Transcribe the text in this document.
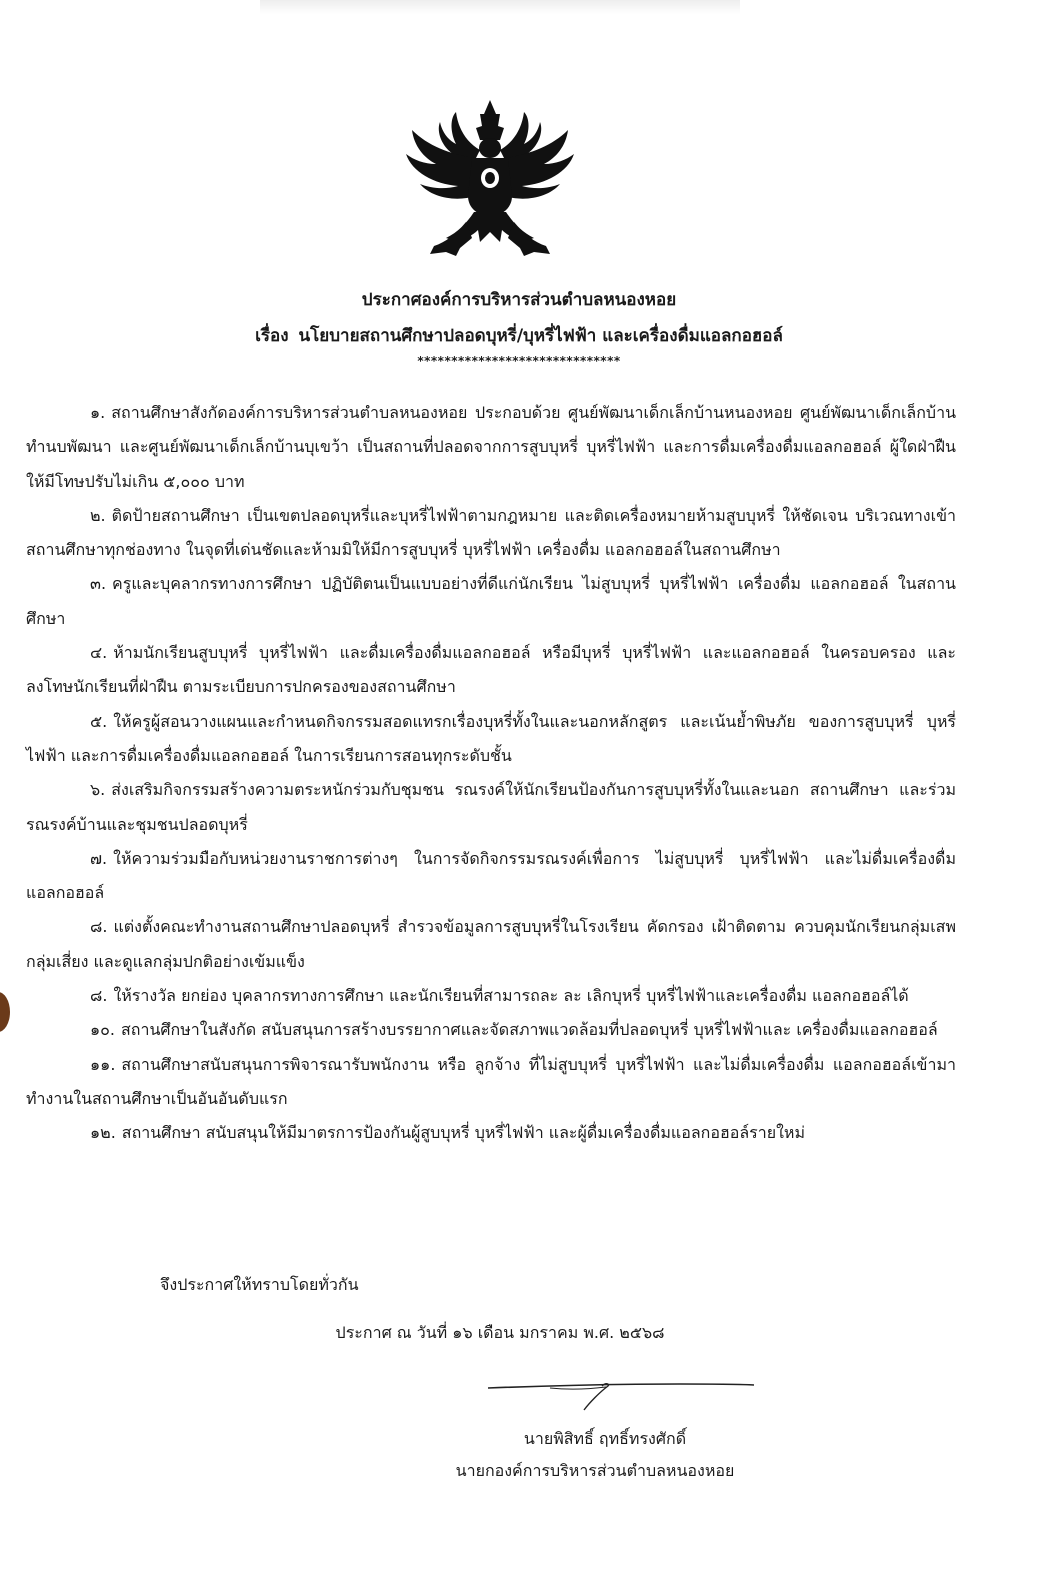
ประกาศองค์การบริหารส่วนตำบลหนองหอย
เรื่อง นโยบายสถานศึกษาปลอดบุหรี่/บุหรี่ไฟฟ้า และเครื่องดื่มแอลกอฮอล์
******************************

๑. สถานศึกษาสังกัดองค์การบริหารส่วนตำบลหนองหอย ประกอบด้วย ศูนย์พัฒนาเด็กเล็กบ้านหนองหอย ศูนย์พัฒนาเด็กเล็กบ้านทำนบพัฒนา และศูนย์พัฒนาเด็กเล็กบ้านบุเขว้า เป็นสถานที่ปลอดจากการสูบบุหรี่ บุหรี่ไฟฟ้า และการดื่มเครื่องดื่มแอลกอฮอล์ ผู้ใดฝ่าฝืน ให้มีโทษปรับไม่เกิน ๕,๐๐๐ บาท

๒. ติดป้ายสถานศึกษา เป็นเขตปลอดบุหรี่และบุหรี่ไฟฟ้าตามกฎหมาย และติดเครื่องหมายห้ามสูบบุหรี่ ให้ชัดเจน บริเวณทางเข้าสถานศึกษาทุกช่องทาง ในจุดที่เด่นชัดและห้ามมิให้มีการสูบบุหรี่ บุหรี่ไฟฟ้า เครื่องดื่ม แอลกอฮอล์ในสถานศึกษา

๓. ครูและบุคลากรทางการศึกษา ปฏิบัติตนเป็นแบบอย่างที่ดีแก่นักเรียน ไม่สูบบุหรี่ บุหรี่ไฟฟ้า เครื่องดื่ม แอลกอฮอล์ ในสถานศึกษา

๔. ห้ามนักเรียนสูบบุหรี่ บุหรี่ไฟฟ้า และดื่มเครื่องดื่มแอลกอฮอล์ หรือมีบุหรี่ บุหรี่ไฟฟ้า และแอลกอฮอล์ ในครอบครอง และลงโทษนักเรียนที่ฝ่าฝืน ตามระเบียบการปกครองของสถานศึกษา

๕. ให้ครูผู้สอนวางแผนและกำหนดกิจกรรมสอดแทรกเรื่องบุหรี่ทั้งในและนอกหลักสูตร และเน้นย้ำพิษภัย ของการสูบบุหรี่ บุหรี่ไฟฟ้า และการดื่มเครื่องดื่มแอลกอฮอล์ ในการเรียนการสอนทุกระดับชั้น

๖. ส่งเสริมกิจกรรมสร้างความตระหนักร่วมกับชุมชน รณรงค์ให้นักเรียนป้องกันการสูบบุหรี่ทั้งในและนอก สถานศึกษา และร่วมรณรงค์บ้านและชุมชนปลอดบุหรี่

๗. ให้ความร่วมมือกับหน่วยงานราชการต่างๆ ในการจัดกิจกรรมรณรงค์เพื่อการ ไม่สูบบุหรี่ บุหรี่ไฟฟ้า และไม่ดื่มเครื่องดื่มแอลกอฮอล์

๘. แต่งตั้งคณะทำงานสถานศึกษาปลอดบุหรี่ สำรวจข้อมูลการสูบบุหรี่ในโรงเรียน คัดกรอง เฝ้าติดตาม ควบคุมนักเรียนกลุ่มเสพ กลุ่มเสี่ยง และดูแลกลุ่มปกติอย่างเข้มแข็ง

๘. ให้รางวัล ยกย่อง บุคลากรทางการศึกษา และนักเรียนที่สามารถละ ละ เลิกบุหรี่ บุหรี่ไฟฟ้าและเครื่องดื่ม แอลกอฮอล์ได้

๑๐. สถานศึกษาในสังกัด สนับสนุนการสร้างบรรยากาศและจัดสภาพแวดล้อมที่ปลอดบุหรี่ บุหรี่ไฟฟ้าและ เครื่องดื่มแอลกอฮอล์

๑๑. สถานศึกษาสนับสนุนการพิจารณารับพนักงาน หรือ ลูกจ้าง ที่ไม่สูบบุหรี่ บุหรี่ไฟฟ้า และไม่ดื่มเครื่องดื่ม แอลกอฮอล์เข้ามาทำงานในสถานศึกษาเป็นอันอันดับแรก

๑๒. สถานศึกษา สนับสนุนให้มีมาตรการป้องกันผู้สูบบุหรี่ บุหรี่ไฟฟ้า และผู้ดื่มเครื่องดื่มแอลกอฮอล์รายใหม่

จึงประกาศให้ทราบโดยทั่วกัน
ประกาศ ณ วันที่ ๑๖ เดือน มกราคม พ.ศ. ๒๕๖๘
นายพิสิทธิ์ ฤทธิ์ทรงศักดิ์
นายกองค์การบริหารส่วนตำบลหนองหอย
